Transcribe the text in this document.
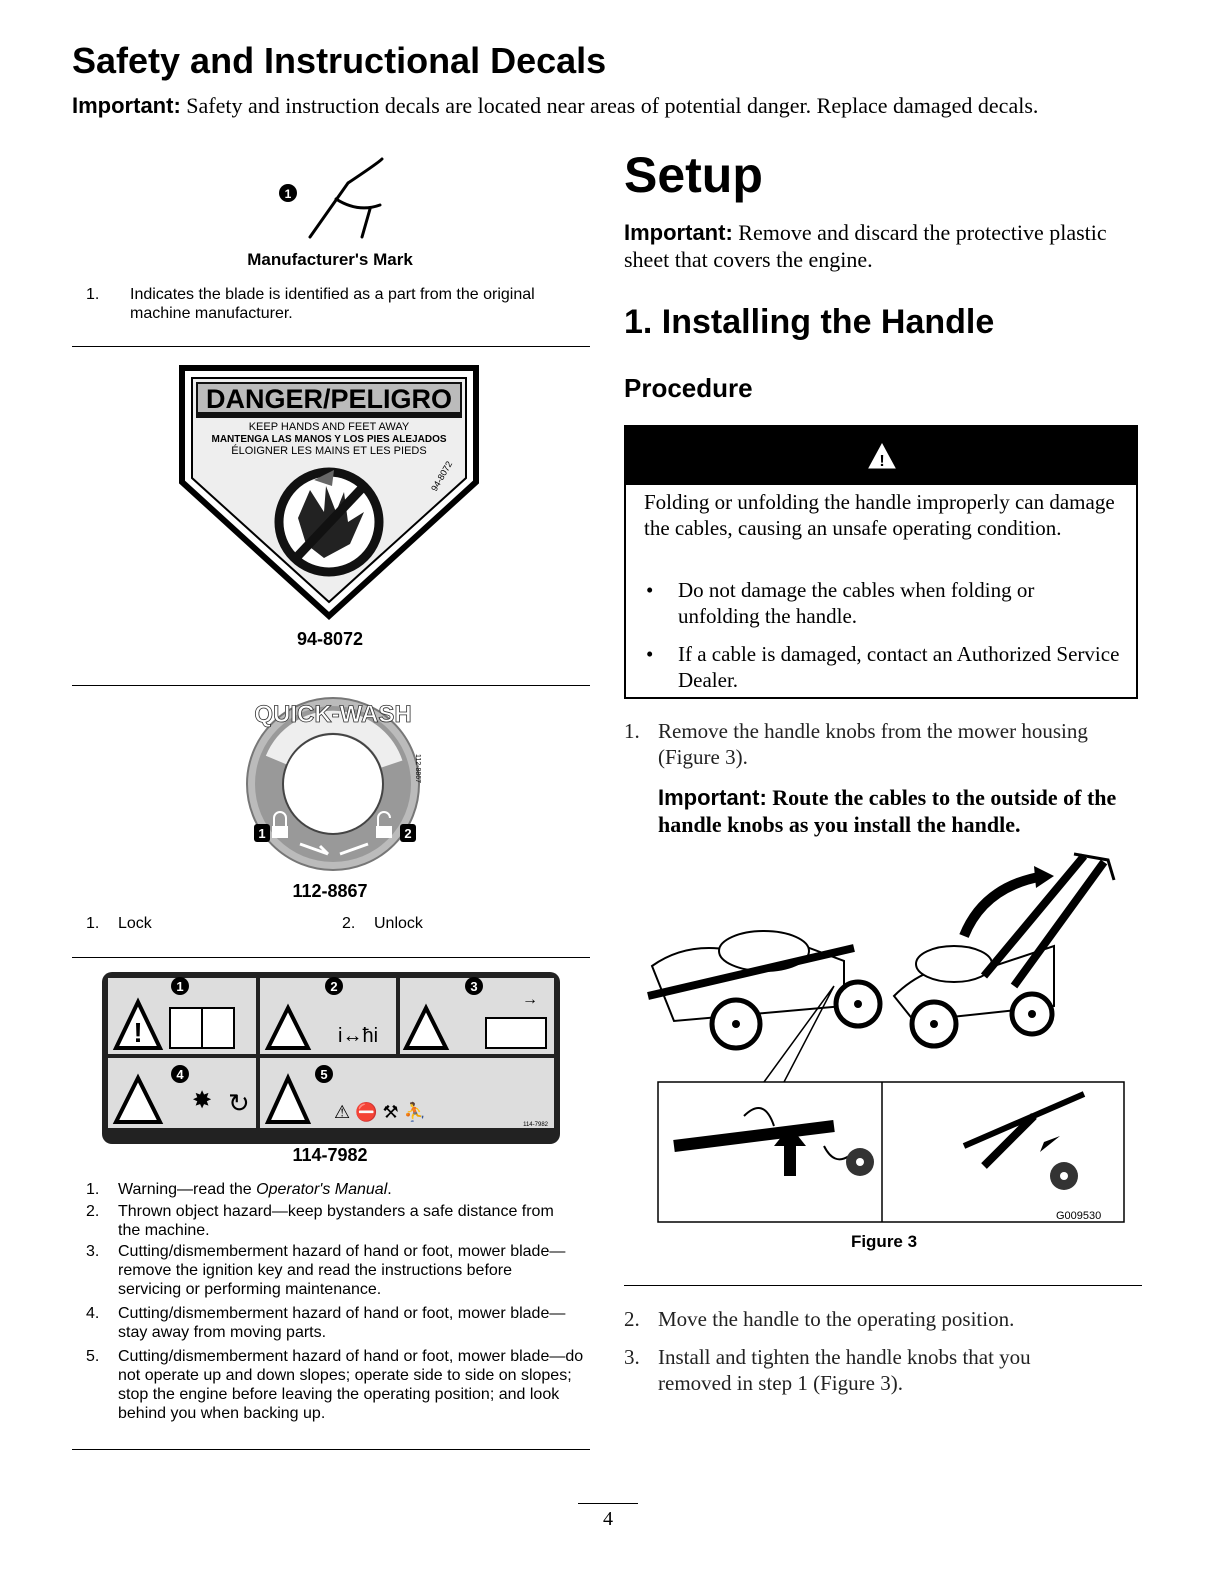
Safety and Instructional Decals
Important: Safety and instruction decals are located near areas of potential danger. Replace damaged decals.
1
Manufacturer's Mark
1.	Indicates the blade is identified as a part from the original machine manufacturer.
DANGER/PELIGRO
KEEP HANDS AND FEET AWAY
MANTENGA LAS MANOS Y LOS PIES ALEJADOS
ÉLOIGNER LES MAINS ET LES PIEDS
94-8072
94-8072
QUICK-WASH
1	2
112-8867
112-8867
1.	Lock	2.	Unlock
!	i↔ħi
→
✸ ↻	⚠ ⛔ ⚒ ⛹
1	2	3
4	5
114-7982
114-7982
1.	Warning—read the Operator's Manual.
2.	Thrown object hazard—keep bystanders a safe distance from the machine.
3.	Cutting/dismemberment hazard of hand or foot, mower blade—remove the ignition key and read the instructions before servicing or performing maintenance.
4.	Cutting/dismemberment hazard of hand or foot, mower blade—stay away from moving parts.
5.	Cutting/dismemberment hazard of hand or foot, mower blade—do not operate up and down slopes; operate side to side on slopes; stop the engine before leaving the operating position; and look behind you when backing up.
Setup
Important: Remove and discard the protective plastic sheet that covers the engine.
1. Installing the Handle
Procedure
!
Folding or unfolding the handle improperly can damage the cables, causing an unsafe operating condition.
• Do not damage the cables when folding or unfolding the handle.
• If a cable is damaged, contact an Authorized Service Dealer.
1. Remove the handle knobs from the mower housing (Figure 3).
Important: Route the cables to the outside of the handle knobs as you install the handle.
G009530
Figure 3
2. Move the handle to the operating position.
3. Install and tighten the handle knobs that you removed in step 1 (Figure 3).
4
